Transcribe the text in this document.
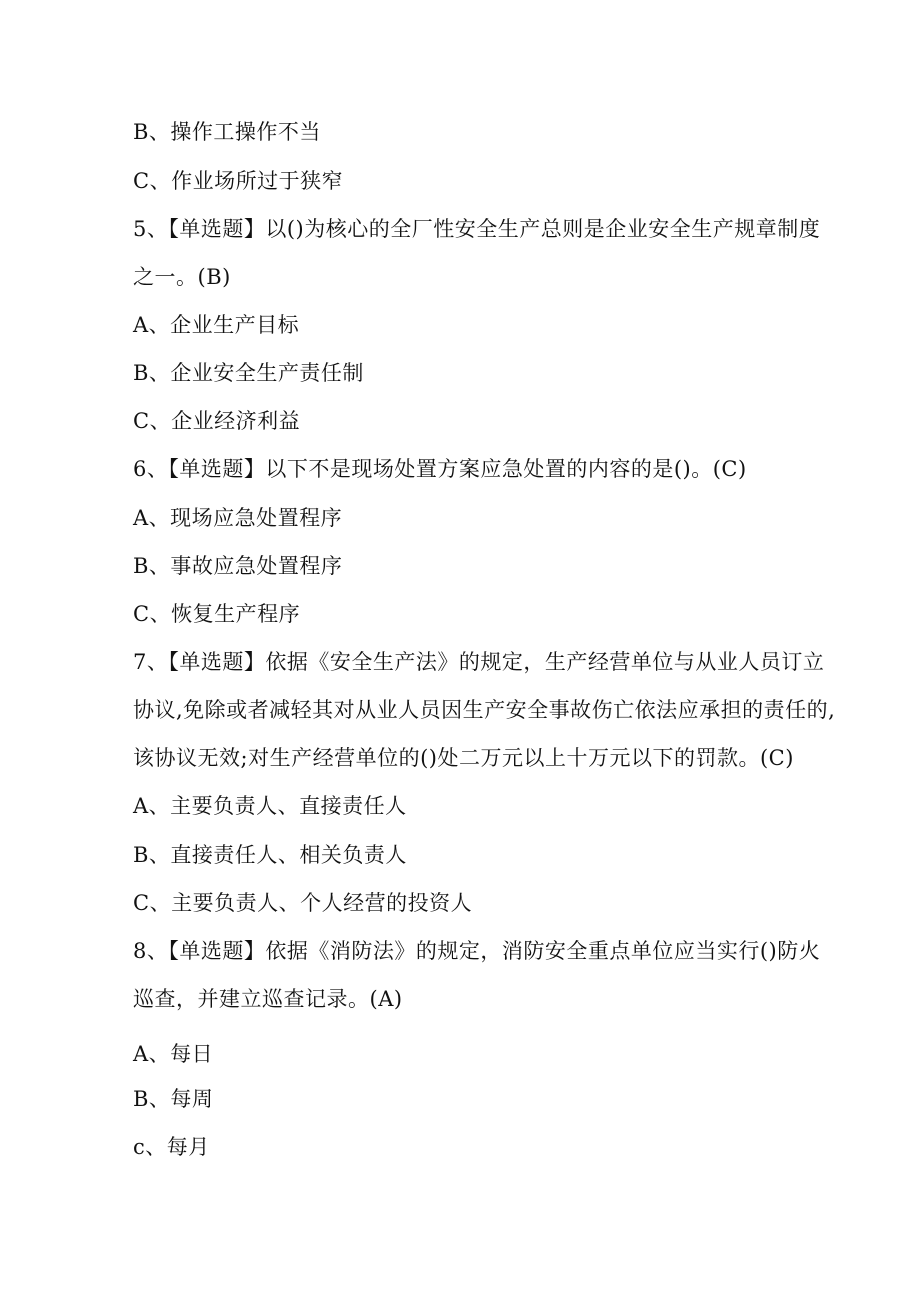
B、操作工操作不当
C、作业场所过于狭窄
5、【单选题】以()为核心的全厂性安全生产总则是企业安全生产规章制度
之一。(B)
A、企业生产目标
B、企业安全生产责任制
C、企业经济利益
6、【单选题】以下不是现场处置方案应急处置的内容的是()。(C)
A、现场应急处置程序
B、事故应急处置程序
C、恢复生产程序
7、【单选题】依据《安全生产法》的规定，生产经营单位与从业人员订立
协议,免除或者减轻其对从业人员因生产安全事故伤亡依法应承担的责任的,
该协议无效;对生产经营单位的()处二万元以上十万元以下的罚款。(C)
A、主要负责人、直接责任人
B、直接责任人、相关负责人
C、主要负责人、个人经营的投资人
8、【单选题】依据《消防法》的规定，消防安全重点单位应当实行()防火
巡查，并建立巡查记录。(A)
A、每日
B、每周
c、每月
